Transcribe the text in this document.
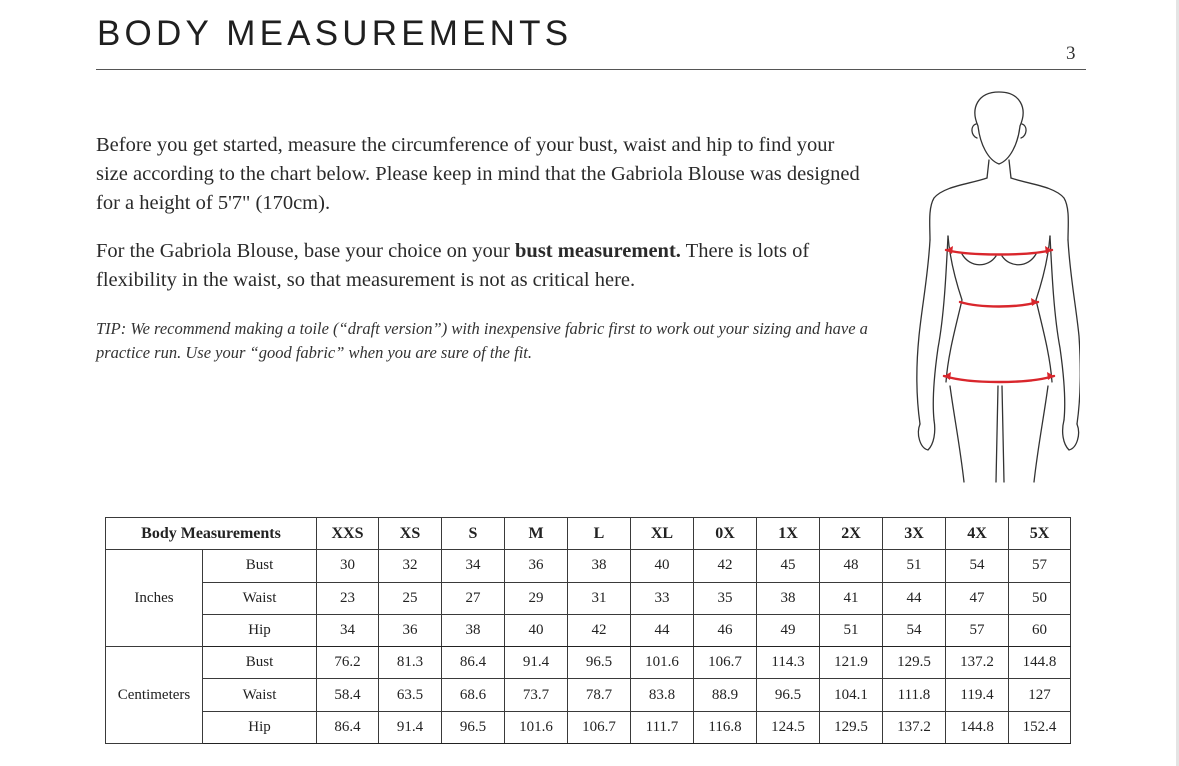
BODY MEASUREMENTS
3

Before you get started, measure the circumference of your bust, waist and hip to find your size according to the chart below. Please keep in mind that the Gabriola Blouse was designed for a height of 5'7" (170cm).

For the Gabriola Blouse, base your choice on your bust measurement. There is lots of flexibility in the waist, so that measurement is not as critical here.

TIP: We recommend making a toile (“draft version”) with inexpensive fabric first to work out your sizing and have a practice run. Use your “good fabric” when you are sure of the fit.

Body Measurements		XXS	XS	S	M	L	XL	0X	1X	2X	3X	4X	5X
Inches	Bust	30	32	34	36	38	40	42	45	48	51	54	57
	Waist	23	25	27	29	31	33	35	38	41	44	47	50
	Hip	34	36	38	40	42	44	46	49	51	54	57	60
Centimeters	Bust	76.2	81.3	86.4	91.4	96.5	101.6	106.7	114.3	121.9	129.5	137.2	144.8
	Waist	58.4	63.5	68.6	73.7	78.7	83.8	88.9	96.5	104.1	111.8	119.4	127
	Hip	86.4	91.4	96.5	101.6	106.7	111.7	116.8	124.5	129.5	137.2	144.8	152.4
